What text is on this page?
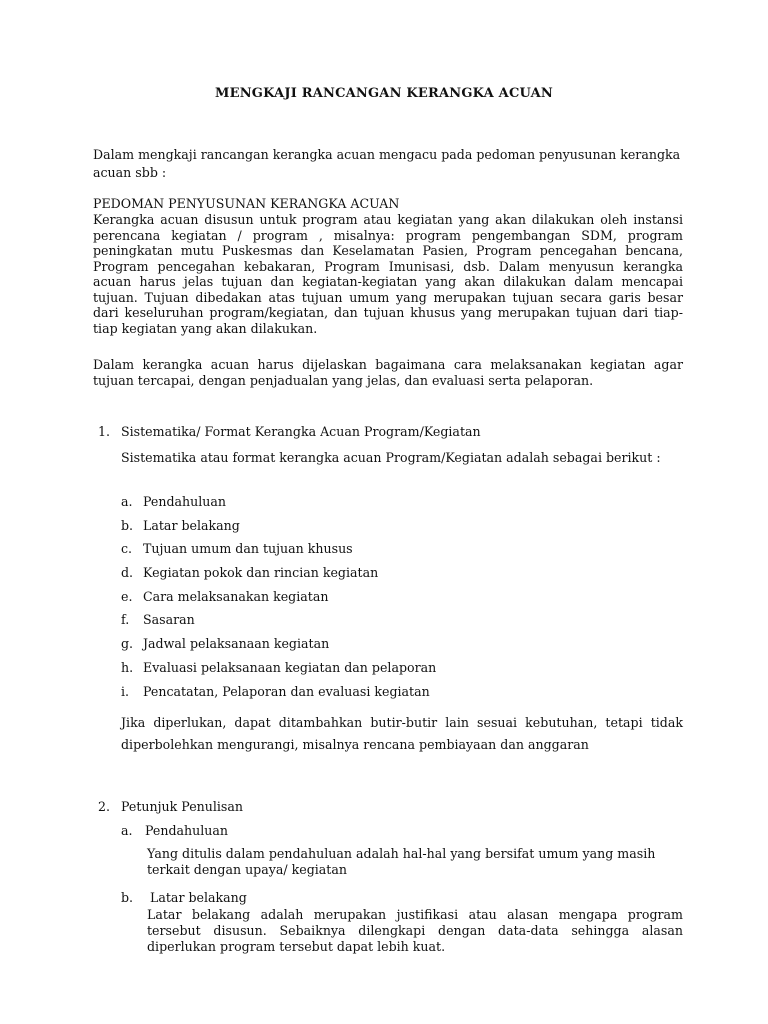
MENGKAJI RANCANGAN KERANGKA ACUAN
Dalam mengkaji rancangan kerangka acuan mengacu pada pedoman penyusunan kerangka acuan sbb :
PEDOMAN PENYUSUNAN KERANGKA ACUAN
Kerangka acuan disusun untuk program atau kegiatan yang akan dilakukan oleh instansi perencana kegiatan / program , misalnya: program pengembangan SDM, program peningkatan mutu Puskesmas dan Keselamatan Pasien, Program pencegahan bencana, Program pencegahan kebakaran, Program Imunisasi, dsb. Dalam menyusun kerangka acuan harus jelas tujuan dan kegiatan-kegiatan yang akan dilakukan dalam mencapai tujuan. Tujuan dibedakan atas tujuan umum yang merupakan tujuan secara garis besar dari keseluruhan program/kegiatan, dan tujuan khusus yang merupakan tujuan dari tiap- tiap kegiatan yang akan dilakukan.
Dalam kerangka acuan harus dijelaskan bagaimana cara melaksanakan kegiatan agar tujuan tercapai, dengan penjadualan yang jelas, dan evaluasi serta pelaporan.
1. Sistematika/ Format Kerangka Acuan Program/Kegiatan
Sistematika atau format kerangka acuan Program/Kegiatan adalah sebagai berikut :
a. Pendahuluan
b. Latar belakang
c. Tujuan umum dan tujuan khusus
d. Kegiatan pokok dan rincian kegiatan
e. Cara melaksanakan kegiatan
f. Sasaran
g. Jadwal pelaksanaan kegiatan
h. Evaluasi pelaksanaan kegiatan dan pelaporan
i. Pencatatan, Pelaporan dan evaluasi kegiatan
Jika diperlukan, dapat ditambahkan butir-butir lain sesuai kebutuhan, tetapi tidak diperbolehkan mengurangi, misalnya rencana pembiayaan dan anggaran
2. Petunjuk Penulisan
a. Pendahuluan
Yang ditulis dalam pendahuluan adalah hal-hal yang bersifat umum yang masih terkait dengan upaya/ kegiatan
b. Latar belakang
Latar belakang adalah merupakan justifikasi atau alasan mengapa program tersebut disusun. Sebaiknya dilengkapi dengan data-data sehingga alasan diperlukan program tersebut dapat lebih kuat.
